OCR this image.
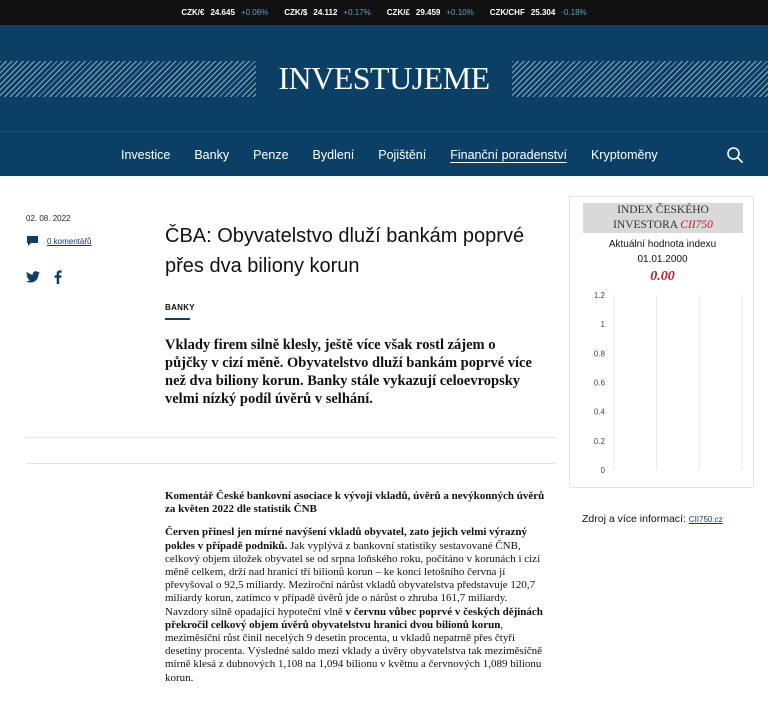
CZK/€ 24.645 +0.06% CZK/$ 24.112 +0.17% CZK/£ 29.459 +0.10% CZK/CHF 25.304 -0.18%
INVESTUJEME
Investice Banky Penze Bydlení Pojištění Finanční poradenství Kryptoměny
02. 08. 2022
0 komentářů	ČBA: Obyvatelstvo dluží bankám poprvé přes dva biliony korun
BANKY
Vklady firem silně klesly, ještě více však rostl zájem o půjčky v cizí měně. Obyvatelstvo dluží bankám poprvé více než dva biliony korun. Banky stále vykazují celoevropsky velmi nízký podíl úvěrů v selhání.

Komentář České bankovní asociace k vývoji vkladů, úvěrů a nevýkonných úvěrů za květen 2022 dle statistik ČNB

Červen přinesl jen mírné navýšení vkladů obyvatel, zato jejich velmi výrazný pokles v případě podniků. Jak vyplývá z bankovní statistiky sestavované ČNB, celkový objem úložek obyvatel se od srpna loňského roku, počítáno v korunách i cizí měně celkem, drží nad hranicí tří bilionů korun – ke konci letošního června jí převyšoval o 92,5 miliardy. Meziroční nárůst vkladů obyvatelstva představuje 120,7 miliardy korun, zatímco v případě úvěrů jde o nárůst o zhruba 161,7 miliardy. Navzdory silně opadající hypoteční vlně v červnu vůbec poprvé v českých dějinách překročil celkový objem úvěrů obyvatelstvu hranici dvou bilionů korun, meziměsíční růst činil necelých 9 desetin procenta, u vkladů nepatrně přes čtyři desetiny procenta. Výsledné saldo mezi vklady a úvěry obyvatelstva tak meziměsíčně mírně klesá z dubnových 1,108 na 1,094 bilionu v květnu a červnových 1,089 bilionu korun.

INDEX ČESKÉHO
INVESTORA CII750
Aktuální hodnota indexu
01.01.2000
0.00
0
0.2
0.4
0.6
0.8
1
1.2
Zdroj a více informací: CII750.cz
